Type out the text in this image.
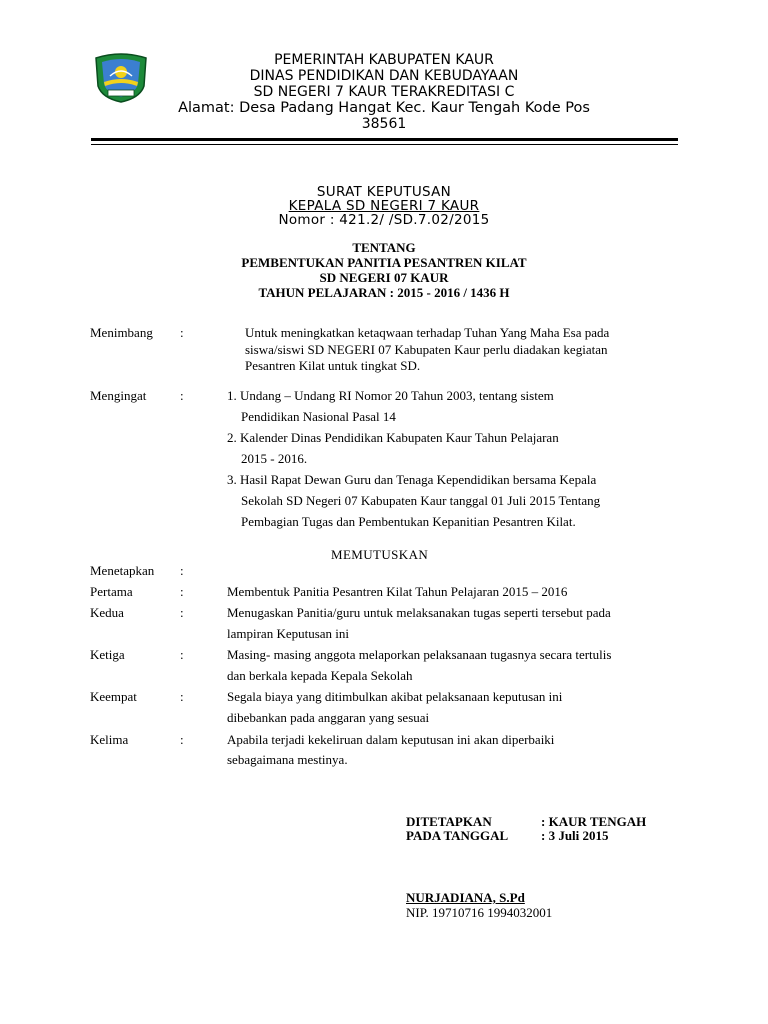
PEMERINTAH KABUPATEN KAUR
DINAS PENDIDIKAN DAN KEBUDAYAAN
SD NEGERI 7 KAUR TERAKREDITASI C
Alamat: Desa Padang Hangat Kec. Kaur Tengah Kode Pos
38561
SURAT KEPUTUSAN
KEPALA SD NEGERI 7 KAUR
Nomor : 421.2/ /SD.7.02/2015
TENTANG
PEMBENTUKAN PANITIA PESANTREN KILAT
SD NEGERI 07 KAUR
TAHUN PELAJARAN : 2015 - 2016 / 1436 H
Menimbang :	Untuk meningkatkan ketaqwaan terhadap Tuhan Yang Maha Esa pada
siswa/siswi SD NEGERI 07 Kabupaten Kaur perlu diadakan kegiatan
Pesantren Kilat untuk tingkat SD.
Mengingat	:	1. Undang – Undang RI Nomor 20 Tahun 2003, tentang sistem
Pendidikan Nasional Pasal 14
2. Kalender Dinas Pendidikan Kabupaten Kaur Tahun Pelajaran
2015 - 2016.
3. Hasil Rapat Dewan Guru dan Tenaga Kependidikan bersama Kepala
Sekolah SD Negeri 07 Kabupaten Kaur tanggal 01 Juli 2015 Tentang
Pembagian Tugas dan Pembentukan Kepanitian Pesantren Kilat.
MEMUTUSKAN
Menetapkan :
Pertama	:	Membentuk Panitia Pesantren Kilat Tahun Pelajaran 2015 – 2016
Kedua	:	Menugaskan Panitia/guru untuk melaksanakan tugas seperti tersebut pada
lampiran Keputusan ini
Ketiga	:	Masing- masing anggota melaporkan pelaksanaan tugasnya secara tertulis
dan berkala kepada Kepala Sekolah
Keempat	:	Segala biaya yang ditimbulkan akibat pelaksanaan keputusan ini
dibebankan pada anggaran yang sesuai
Kelima	:	Apabila terjadi kekeliruan dalam keputusan ini akan diperbaiki
sebagaimana mestinya.
DITETAPKAN	: KAUR TENGAH
PADA TANGGAL	: 3 Juli 2015
NURJADIANA, S.Pd
NIP. 19710716 1994032001
